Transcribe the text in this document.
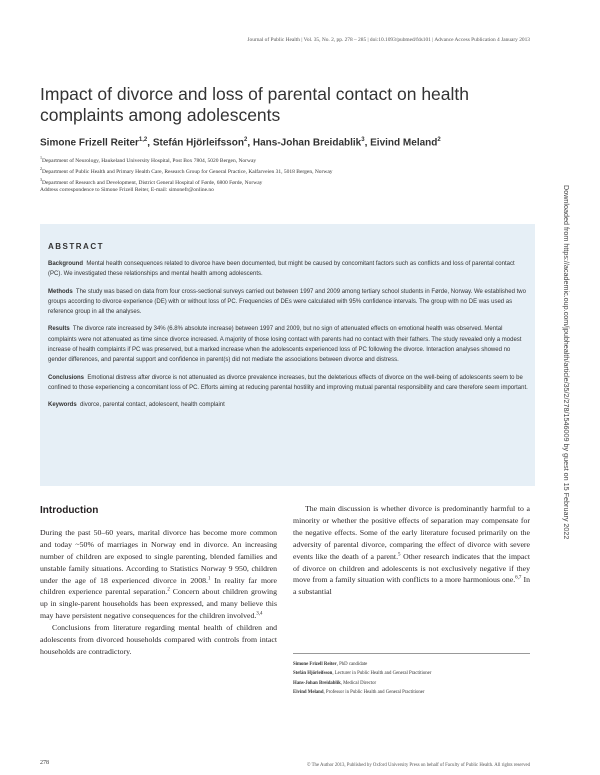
Journal of Public Health | Vol. 35, No. 2, pp. 278 – 285 | doi:10.1093/pubmed/fds101 | Advance Access Publication 4 January 2013
Impact of divorce and loss of parental contact on health complaints among adolescents
Simone Frizell Reiter$^{1,2}$, Stefán Hjörleifsson$^2$, Hans-Johan Breidablik$^3$, Eivind Meland$^2$
$^1$Department of Neurology, Haukeland University Hospital, Post Box 7804, 5020 Bergen, Norway
$^2$Department of Public Health and Primary Health Care, Research Group for General Practice, Kalfarveien 31, 5018 Bergen, Norway
$^3$Department of Research and Development, District General Hospital of Førde, 6800 Førde, Norway
Address correspondence to Simone Frizell Reiter, E-mail: simonefr@online.no	Downloaded from https://academic.oup.com/jpubhealth/article/35/2/278/1546009 by guest on 15 February 2022
ABSTRACT

Background Mental health consequences related to divorce have been documented, but might be caused by concomitant factors such as conflicts and loss of parental contact (PC). We investigated these relationships and mental health among adolescents.

Methods The study was based on data from four cross-sectional surveys carried out between 1997 and 2009 among tertiary school students in Førde, Norway. We established two groups according to divorce experience (DE) with or without loss of PC. Frequencies of DEs were calculated with 95% confidence intervals. The group with no DE was used as reference group in all the analyses.

Results The divorce rate increased by 34% (6.8% absolute increase) between 1997 and 2009, but no sign of attenuated effects on emotional health was observed. Mental complaints were not attenuated as time since divorce increased. A majority of those losing contact with parents had no contact with their fathers. The study revealed only a modest increase of health complaints if PC was preserved, but a marked increase when the adolescents experienced loss of PC following the divorce. Interaction analyses showed no gender differences, and parental support and confidence in parent(s) did not mediate the associations between divorce and distress.

Conclusions Emotional distress after divorce is not attenuated as divorce prevalence increases, but the deleterious effects of divorce on the well-being of adolescents seem to be confined to those experiencing a concomitant loss of PC. Efforts aiming at reducing parental hostility and improving mutual parental responsibility and care therefore seem important.

Keywords divorce, parental contact, adolescent, health complaint

Introduction

During the past 50–60 years, marital divorce has become more common and today ~50% of marriages in Norway end in divorce. An increasing number of children are exposed to single parenting, blended families and unstable family situations. According to Statistics Norway 9 950, children under the age of 18 experienced divorce in 2008.$^1$ In reality far more children experience parental separation.$^2$ Concern about children growing up in single-parent households has been expressed, and many believe this may have persistent negative consequences for the children involved.$^{3,4}$

Conclusions from literature regarding mental health of children and adolescents from divorced households compared with controls from intact households are contradictory.

The main discussion is whether divorce is predominantly harmful to a minority or whether the positive effects of separation may compensate for the negative effects. Some of the early literature focused primarily on the adversity of parental divorce, comparing the effect of divorce with severe events like the death of a parent.$^5$ Other research indicates that the impact of divorce on children and adolescents is not exclusively negative if they move from a family situation with conflicts to a more harmonious one.$^{6,7}$ In a substantial

Simone Frizell Reiter, PhD candidate
Stefán Hjörleifsson, Lecturer in Public Health and General Practitioner
Hans-Johan Breidablik, Medical Director
Eivind Meland, Professor in Public Health and General Practitioner
278	© The Author 2013, Published by Oxford University Press on behalf of Faculty of Public Health. All rights reserved
